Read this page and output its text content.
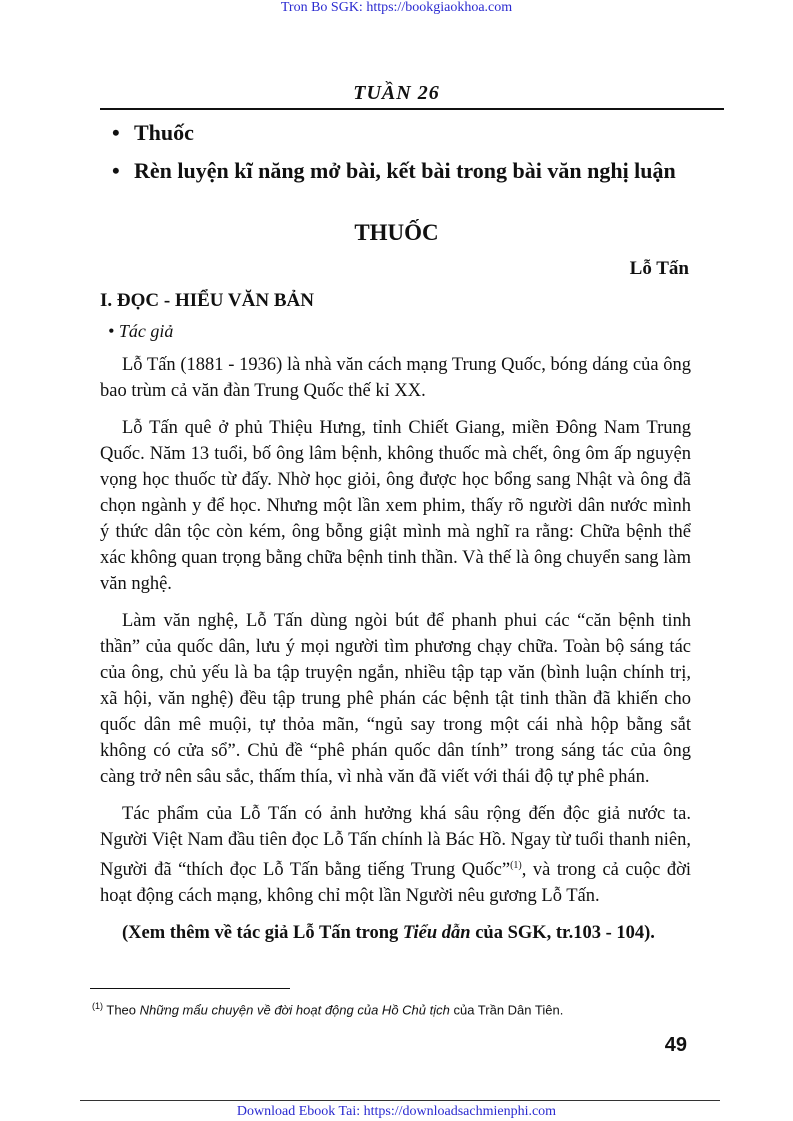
Tron Bo SGK: https://bookgiaokhoa.com
TUẦN 26
• Thuốc
• Rèn luyện kĩ năng mở bài, kết bài trong bài văn nghị luận
THUỐC
Lỗ Tấn
I. ĐỌC - HIỂU VĂN BẢN
• Tác giả

Lỗ Tấn (1881 - 1936) là nhà văn cách mạng Trung Quốc, bóng dáng của ông bao trùm cả văn đàn Trung Quốc thế kỉ XX.

Lỗ Tấn quê ở phủ Thiệu Hưng, tỉnh Chiết Giang, miền Đông Nam Trung Quốc. Năm 13 tuổi, bố ông lâm bệnh, không thuốc mà chết, ông ôm ấp nguyện vọng học thuốc từ đấy. Nhờ học giỏi, ông được học bổng sang Nhật và ông đã chọn ngành y để học. Nhưng một lần xem phim, thấy rõ người dân nước mình ý thức dân tộc còn kém, ông bỗng giật mình mà nghĩ ra rằng: Chữa bệnh thể xác không quan trọng bằng chữa bệnh tinh thần. Và thế là ông chuyển sang làm văn nghệ.

Làm văn nghệ, Lỗ Tấn dùng ngòi bút để phanh phui các “căn bệnh tinh thần” của quốc dân, lưu ý mọi người tìm phương chạy chữa. Toàn bộ sáng tác của ông, chủ yếu là ba tập truyện ngắn, nhiều tập tạp văn (bình luận chính trị, xã hội, văn nghệ) đều tập trung phê phán các bệnh tật tinh thần đã khiến cho quốc dân mê muội, tự thỏa mãn, “ngủ say trong một cái nhà hộp bằng sắt không có cửa sổ”. Chủ đề “phê phán quốc dân tính” trong sáng tác của ông càng trở nên sâu sắc, thấm thía, vì nhà văn đã viết với thái độ tự phê phán.

Tác phẩm của Lỗ Tấn có ảnh hưởng khá sâu rộng đến độc giả nước ta. Người Việt Nam đầu tiên đọc Lỗ Tấn chính là Bác Hồ. Ngay từ tuổi thanh niên, Người đã “thích đọc Lỗ Tấn bằng tiếng Trung Quốc”$^{(1)}$, và trong cả cuộc đời hoạt động cách mạng, không chỉ một lần Người nêu gương Lỗ Tấn.

(Xem thêm về tác giả Lỗ Tấn trong Tiểu dẫn của SGK, tr.103 - 104).

$^{(1)}$ Theo Những mẩu chuyện về đời hoạt động của Hồ Chủ tịch của Trần Dân Tiên.
49
Download Ebook Tai: https://downloadsachmienphi.com
